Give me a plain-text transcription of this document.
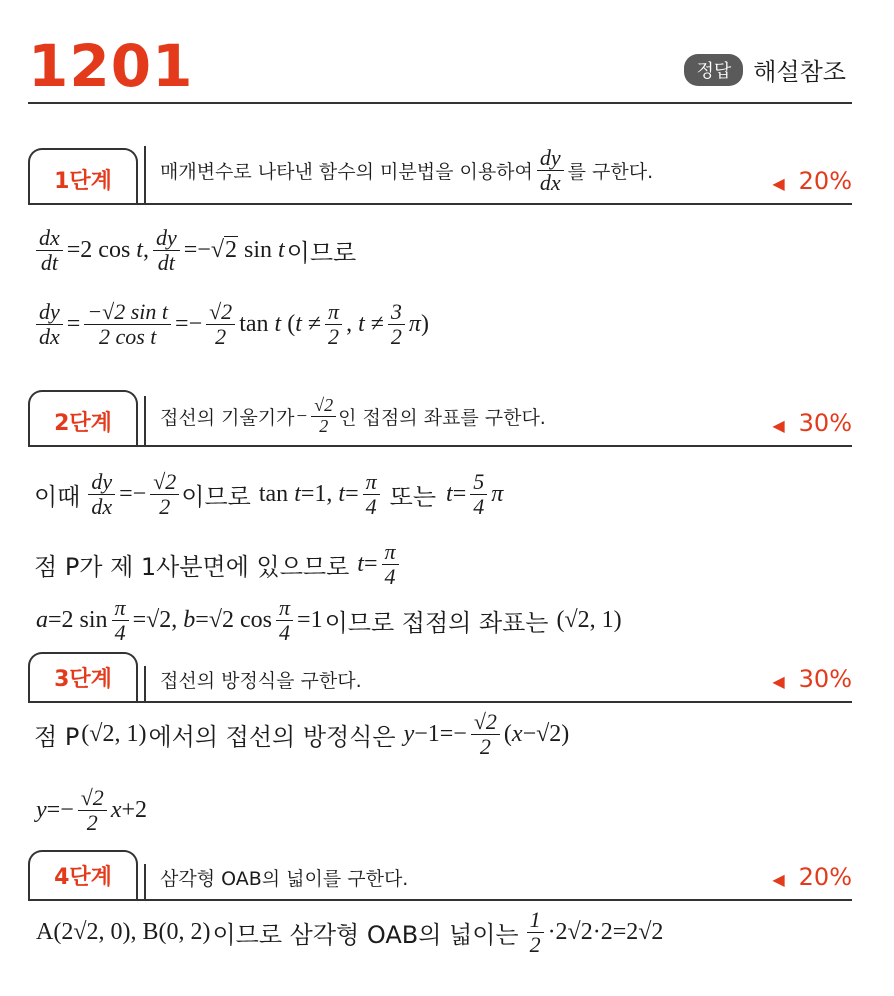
1201	정답 해설참조
1단계	매개변수로 나타낸 함수의 미분법을 이용하여 $\frac{dy}{dx}$ 를 구한다.
◀ 20%
$\frac{dx}{dt} =2$ cos t, $\frac{dy}{dt} =-√2$ sin t 이므로
$\frac{dy}{dx} = \frac{\text{−√2 sin t}}{\text{2 cos t}} =- \frac{√2}{2}$ tan t ($t \ne \frac{\pi}{2}$ , $t \ne \frac{3}{2} \pi$)
2단계	접선의 기울기가 − $\frac{√2}{2}$ 인 접점의 좌표를 구한다.	◀ 30%
이때 $\frac{dy}{dx} =- \frac{√2}{2}$ 이므로 tan t=1, $t= \frac{\pi}{4}$ 또는 $t= \frac{5}{4}$ π
점 P가 제 1사분면에 있으므로 $t= \frac{\pi}{4}$
a=2 $\sin \frac{\pi}{4} =√2$, b=√2 $\cos \frac{\pi}{4} =1$ 이므로 접점의 좌표는 (√2, 1)
3단계	접선의 방정식을 구한다.	◀ 30%
점 P (√2, 1) 에서의 접선의 방정식은 $y-1=- \frac{√2}{2} (x-√2)$
$y=- \frac{√2}{2} x+2$
4단계	삼각형 OAB의 넓이를 구한다.	◀ 20%
A(2√2, 0), B(0, 2) 이므로 삼각형 OAB의 넓이는 $\frac{1}{2} \cdot 2√2\cdot 2=2√2$
